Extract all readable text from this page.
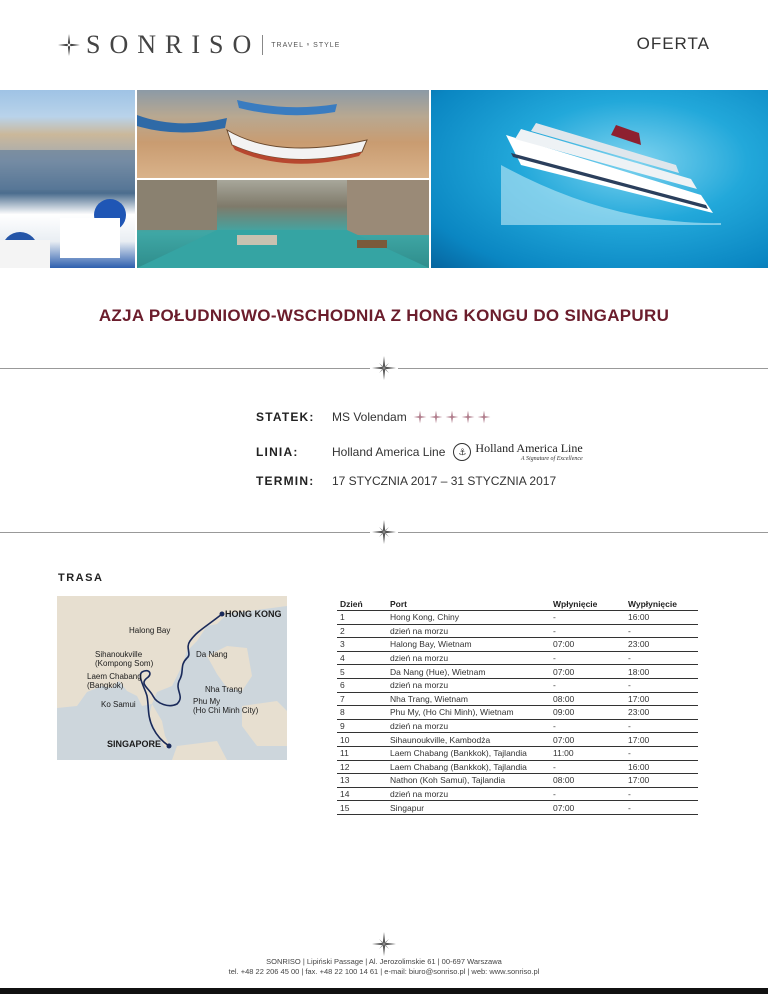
SONRISO TRAVEL ⁿ STYLE	OFERTA
AZJA POŁUDNIOWO-WSCHODNIA Z HONG KONGU DO SINGAPURU
STATEK:	MS Volendam
LINIA:	Holland America Line	⚓ Holland America Line
A Signature of Excellence
TERMIN:	17 STYCZNIA 2017 – 31 STYCZNIA 2017
TRASA
HONG KONG
Halong Bay
Sihanoukville
(Kompong Som)
Da Nang
Laem Chabang
(Bangkok)	Nha Trang
Ko Samui	Phu My
(Ho Chi Minh City)
SINGAPORE
Dzień	Port	Wpłynięcie	Wypłynięcie
1	Hong Kong, Chiny	-	16:00
2	dzień na morzu	-	-
3	Halong Bay, Wietnam	07:00	23:00
4	dzień na morzu	-	-
5	Da Nang (Hue), Wietnam	07:00	18:00
6	dzień na morzu	-	-
7	Nha Trang, Wietnam	08:00	17:00
8	Phu My, (Ho Chi Minh), Wietnam	09:00	23:00
9	dzień na morzu	-	-
10	Sihaunoukville, Kambodża	07:00	17:00
11	Laem Chabang (Bankkok), Tajlandia	11:00	-
12	Laem Chabang (Bankkok), Tajlandia	-	16:00
13	Nathon (Koh Samui), Tajlandia	08:00	17:00
14	dzień na morzu	-	-
15	Singapur	07:00	-
SONRISO | Lipiński Passage | Al. Jerozolimskie 61 | 00-697 Warszawa
tel. +48 22 206 45 00 | fax. +48 22 100 14 61 | e-mail: biuro@sonriso.pl | web: www.sonriso.pl
